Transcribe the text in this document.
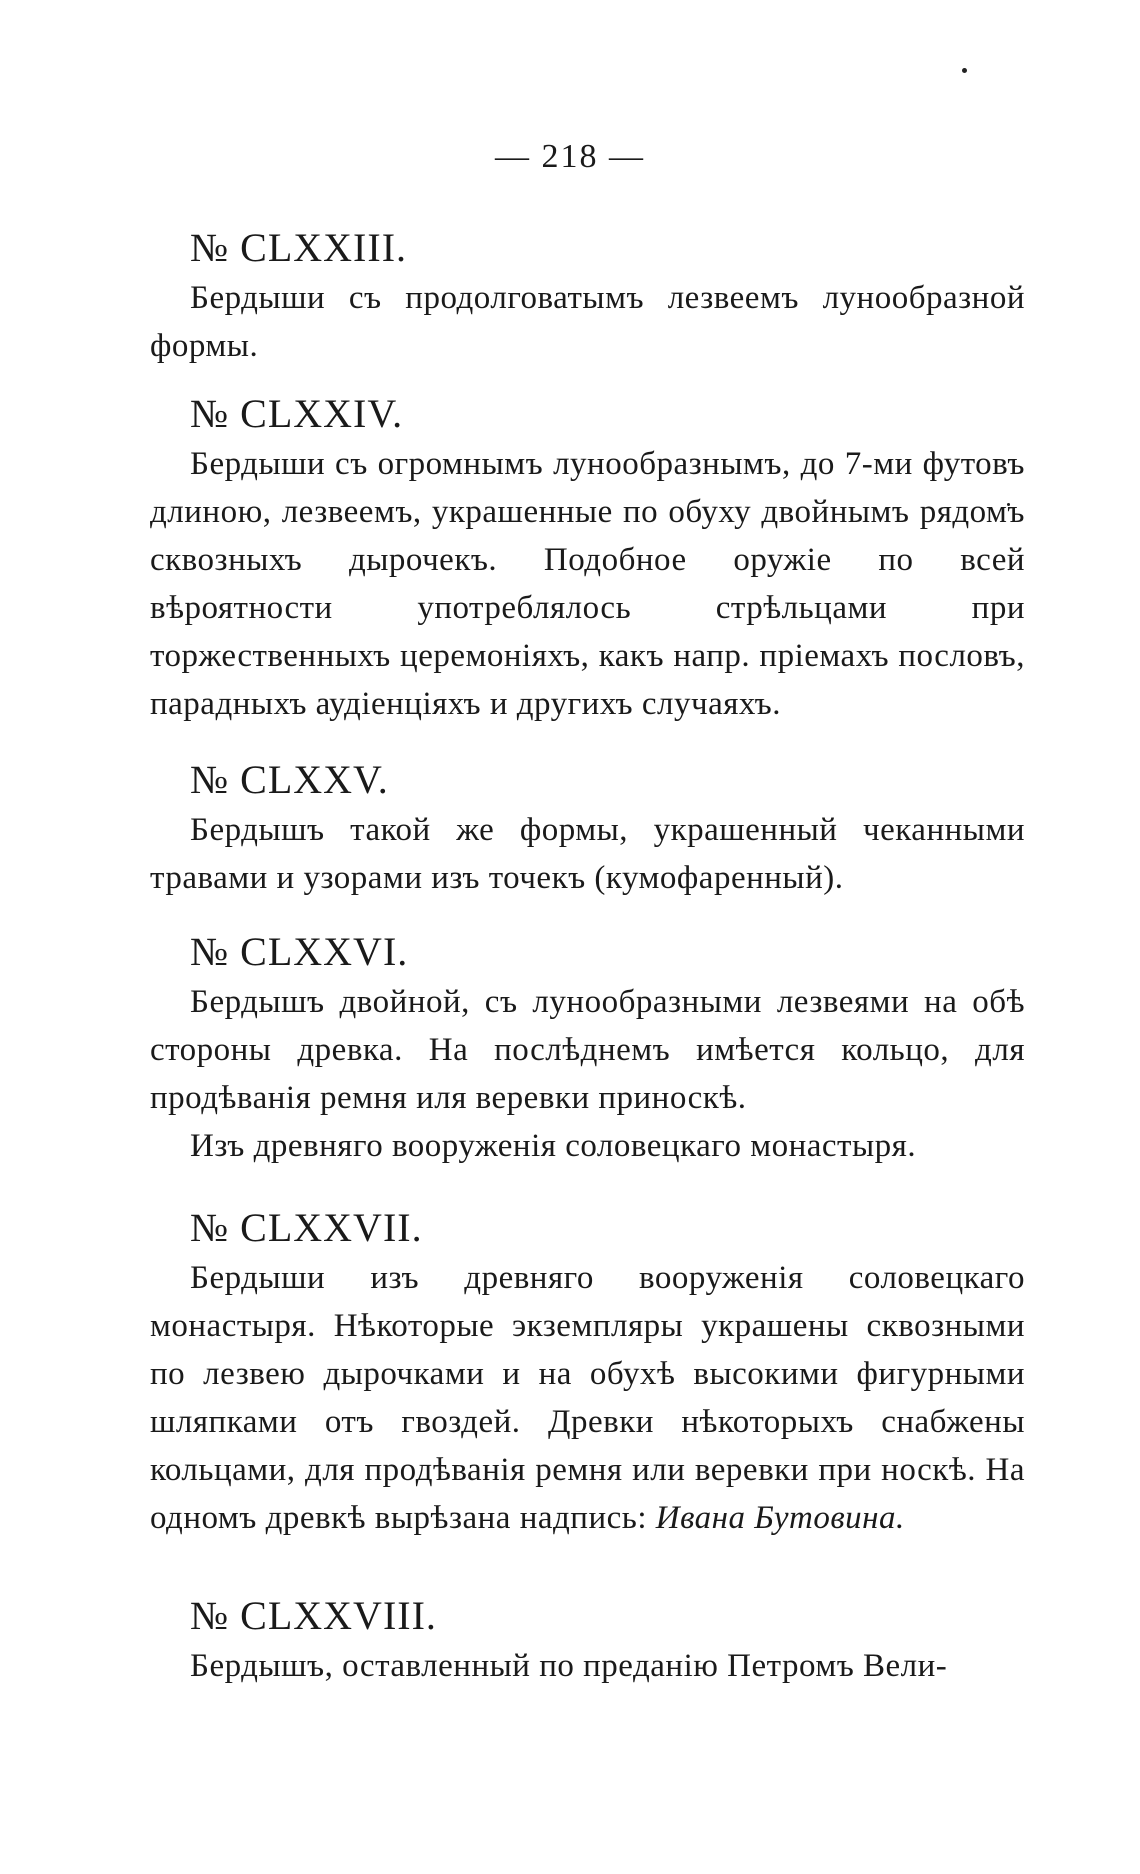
— 218 —
№ CLXXIII.

Бердыши съ продолговатымъ лезвеемъ лунообразной формы.

№ CLXXIV.

Бердыши съ огромнымъ лунообразнымъ, до 7-ми футовъ длиною, лезвеемъ, украшенные по обуху двойнымъ рядомъ сквозныхъ дырочекъ. Подобное оружіе по всей вѣроятности употреблялось стрѣльцами при торжественныхъ церемоніяхъ, какъ напр. пріемахъ пословъ, парадныхъ аудіенціяхъ и другихъ случаяхъ.

№ CLXXV.

Бердышъ такой же формы, украшенный чеканными травами и узорами изъ точекъ (кумофаренный).

№ CLXXVI.

Бердышъ двойной, съ лунообразными лезвеями на обѣ стороны древка. На послѣднемъ имѣется кольцо, для продѣванія ремня иля веревки приноскѣ.

Изъ древняго вооруженія соловецкаго монастыря.

№ CLXXVII.

Бердыши изъ древняго вооруженія соловецкаго монастыря. Нѣкоторые экземпляры украшены сквозными по лезвею дырочками и на обухѣ высокими фигурными шляпками отъ гвоздей. Древки нѣкоторыхъ снабжены кольцами, для продѣванія ремня или веревки при носкѣ. На одномъ древкѣ вырѣзана надпись: Ивана Бутовина.

№ CLXXVIII.

Бердышъ, оставленный по преданію Петромъ Вели-
